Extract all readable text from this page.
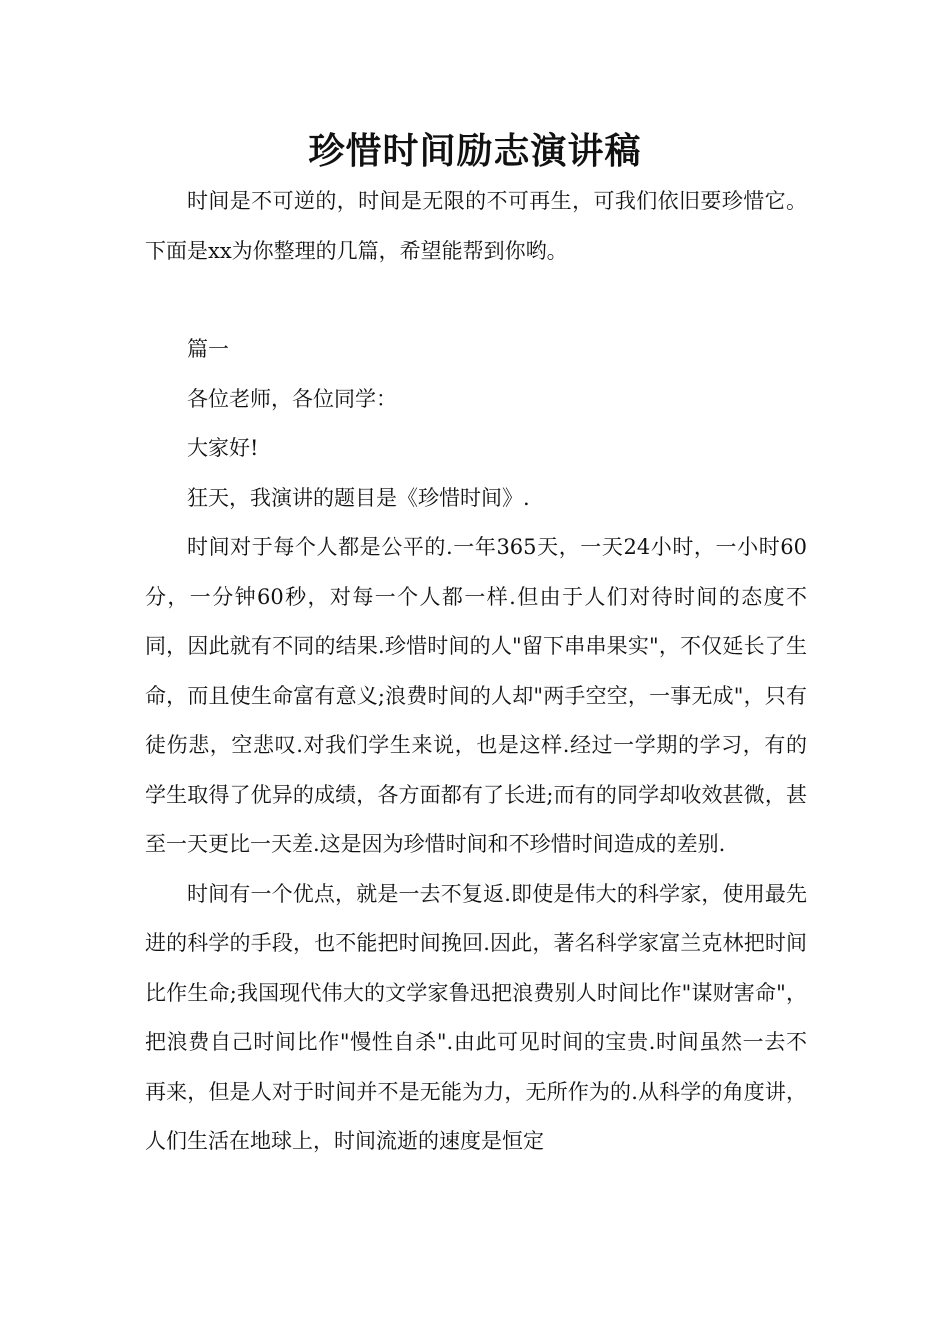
珍惜时间励志演讲稿

时间是不可逆的，时间是无限的不可再生，可我们依旧要珍惜它。下面是xx为你整理的几篇，希望能帮到你哟。

篇一

各位老师，各位同学：

大家好!

狂天，我演讲的题目是《珍惜时间》.

时间对于每个人都是公平的.一年365天，一天24小时，一小时60分，一分钟60秒，对每一个人都一样.但由于人们对待时间的态度不同，因此就有不同的结果.珍惜时间的人"留下串串果实"，不仅延长了生命，而且使生命富有意义;浪费时间的人却"两手空空，一事无成"，只有徒伤悲，空悲叹.对我们学生来说，也是这样.经过一学期的学习，有的学生取得了优异的成绩，各方面都有了长进;而有的同学却收效甚微，甚至一天更比一天差.这是因为珍惜时间和不珍惜时间造成的差别.

时间有一个优点，就是一去不复返.即使是伟大的科学家，使用最先进的科学的手段，也不能把时间挽回.因此，著名科学家富兰克林把时间比作生命;我国现代伟大的文学家鲁迅把浪费别人时间比作"谋财害命"，把浪费自己时间比作"慢性自杀".由此可见时间的宝贵.时间虽然一去不再来，但是人对于时间并不是无能为力，无所作为的.从科学的角度讲，人们生活在地球上，时间流逝的速度是恒定
